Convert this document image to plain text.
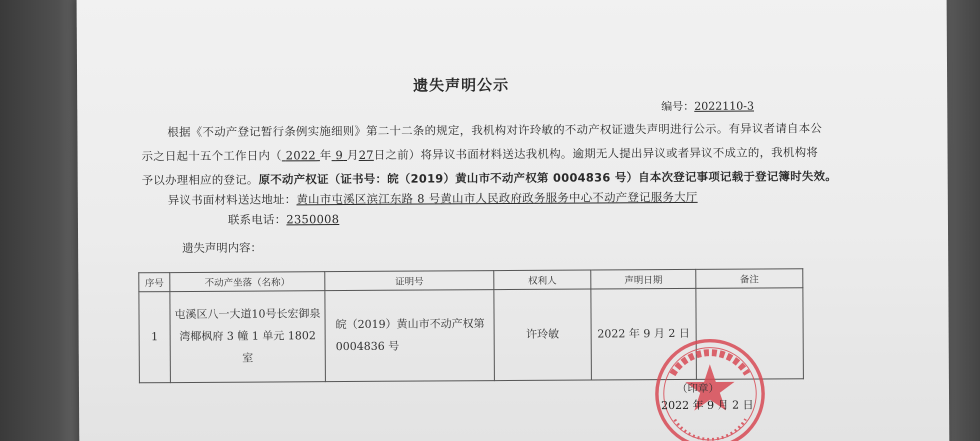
遗失声明公示
编号：2022110-3
根据《不动产登记暂行条例实施细则》第二十二条的规定，我机构对许玲敏的不动产权证遗失声明进行公示。有异议者请自本公
示之日起十五个工作日内（ 2022 年 9 月27日之前）将异议书面材料送达我机构。逾期无人提出异议或者异议不成立的，我机构将
予以办理相应的登记。原不动产权证（证书号：皖（2019）黄山市不动产权第 0004836 号）自本次登记事项记载于登记簿时失效。
异议书面材料送达地址：黄山市屯溪区滨江东路 8 号黄山市人民政府政务服务中心不动产登记服务大厅
联系电话：2350008
遗失声明内容：
序号	不动产坐落（名称）	证明号	权利人	声明日期	备注
1	屯溪区八一大道10号长宏御泉
湾椰枫府 3 幢 1 单元 1802 室	皖（2019）黄山市不动产权第
0004836 号	许玲敏	2022 年 9 月 2 日	
（印章）
2022 年 9 月 2 日
